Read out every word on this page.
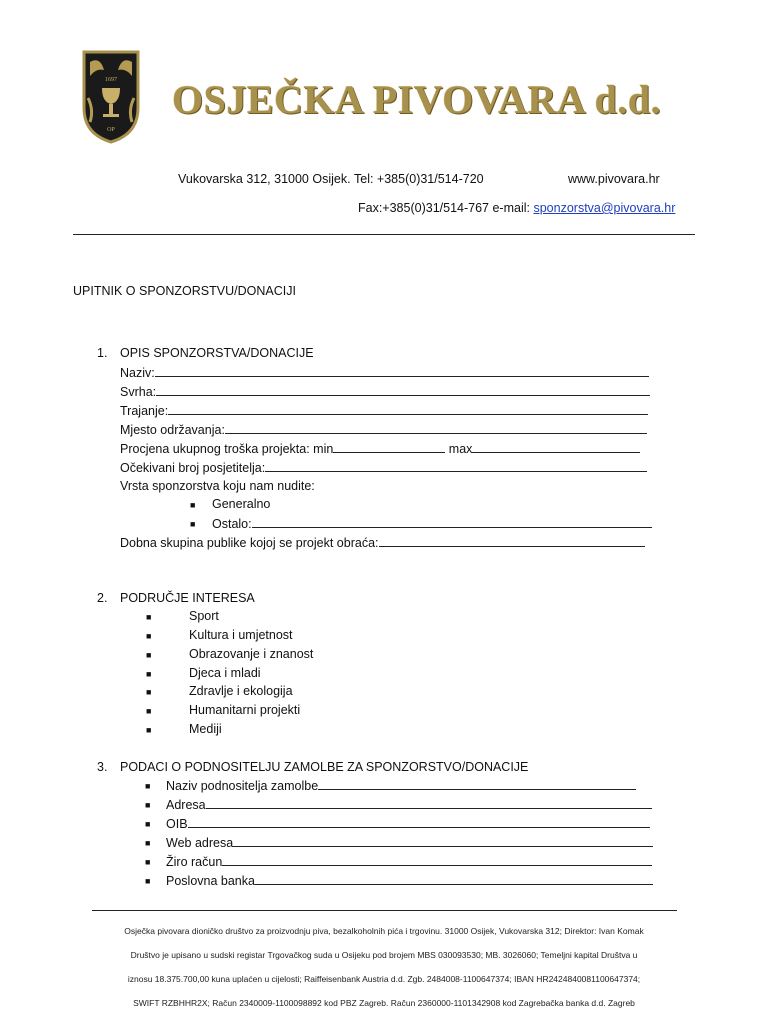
1697
OP
OSJEČKA PIVOVARA d.d.
Vukovarska 312, 31000 Osijek. Tel: +385(0)31/514-720	www.pivovara.hr
Fax:+385(0)31/514-767 e-mail: sponzorstva@pivovara.hr
UPITNIK O SPONZORSTVU/DONACIJI
1. OPIS SPONZORSTVA/DONACIJE
Naziv:
Svrha:
Trajanje:
Mjesto održavanja:
Procjena ukupnog troška projekta: min	max
Očekivani broj posjetitelja:
Vrsta sponzorstva koju nam nudite:
■ Generalno
■ Ostalo:
Dobna skupina publike kojoj se projekt obraća:
2. PODRUČJE INTERESA
■	Sport
■	Kultura i umjetnost
■	Obrazovanje i znanost
■	Djeca i mladi
■	Zdravlje i ekologija
■	Humanitarni projekti
■	Mediji
3. PODACI O PODNOSITELJU ZAMOLBE ZA SPONZORSTVO/DONACIJE
■ Naziv podnositelja zamolbe
■ Adresa
■ OIB
■ Web adresa
■ Žiro račun
■ Poslovna banka
Osječka pivovara dioničko društvo za proizvodnju piva, bezalkoholnih pića i trgovinu. 31000 Osijek, Vukovarska 312; Direktor: Ivan Komak
Društvo je upisano u sudski registar Trgovačkog suda u Osijeku pod brojem MBS 030093530; MB. 3026060; Temeljni kapital Društva u
iznosu 18.375.700,00 kuna uplaćen u cijelosti; Raiffeisenbank Austria d.d. Zgb. 2484008-1100647374; IBAN HR2424840081100647374;
SWIFT RZBHHR2X; Račun 2340009-1100098892 kod PBZ Zagreb. Račun 2360000-1101342908 kod Zagrebačka banka d.d. Zagreb
